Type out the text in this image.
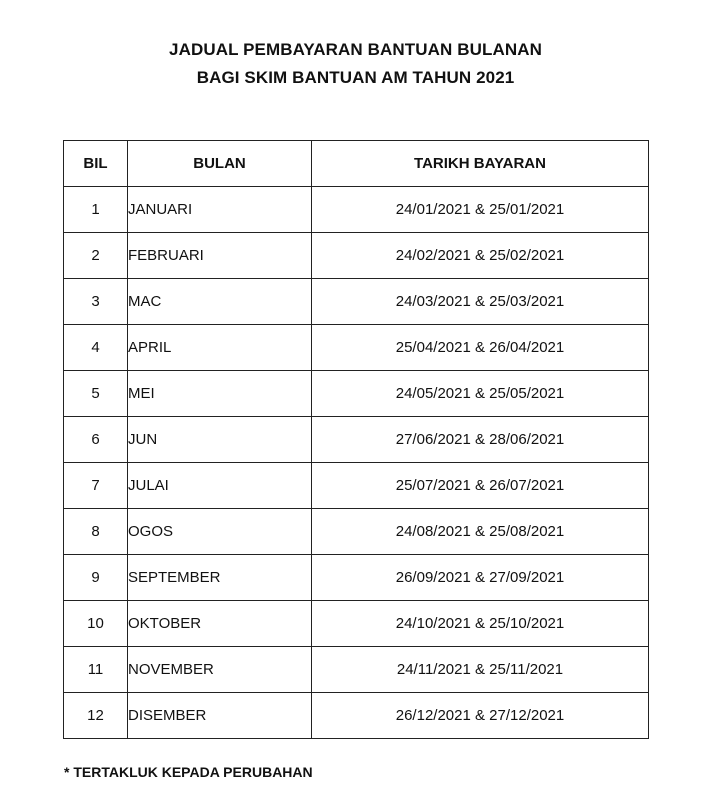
JADUAL PEMBAYARAN BANTUAN BULANAN
BAGI SKIM BANTUAN AM TAHUN 2021
BIL	BULAN	TARIKH BAYARAN
1	JANUARI	24/01/2021 & 25/01/2021
2	FEBRUARI	24/02/2021 & 25/02/2021
3	MAC	24/03/2021 & 25/03/2021
4	APRIL	25/04/2021 & 26/04/2021
5	MEI	24/05/2021 & 25/05/2021
6	JUN	27/06/2021 & 28/06/2021
7	JULAI	25/07/2021 & 26/07/2021
8	OGOS	24/08/2021 & 25/08/2021
9	SEPTEMBER	26/09/2021 & 27/09/2021
10	OKTOBER	24/10/2021 & 25/10/2021
11	NOVEMBER	24/11/2021 & 25/11/2021
12	DISEMBER	26/12/2021 & 27/12/2021
* TERTAKLUK KEPADA PERUBAHAN
